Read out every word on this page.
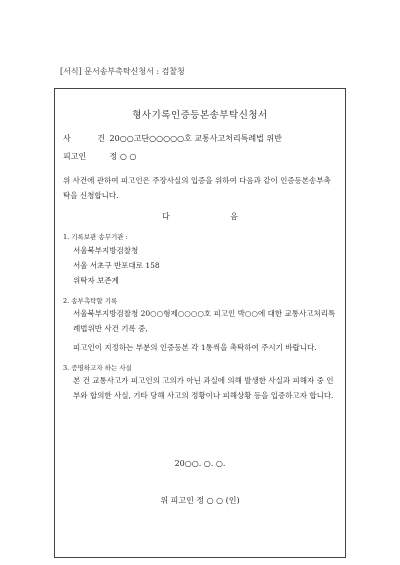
[서식] 문서송부촉탁신청서 : 검찰청
형사기록인증등본송부탁신청서
사 건 20○○고단○○○○○호 교통사고처리특례법 위반
피고인	정 ○ ○
위 사건에 관하여 피고인은 주장사실의 입증을 위하여 다음과 같이 인증등본송부촉탁을 신청합니다.
다 음
1. 기록보관 송무기관 :
서울북부지방검찰청
서울 서초구 반포대로 158
위탁자 보존계
2. 송부촉탁할 기록
서울북부지방검찰청 20○○형제○○○○호 피고인 박○○에 대한 교통사고처리특례법위반 사건 기록 중,
피고인이 지정하는 부분의 인증등본 각 1통씩을 촉탁하여 주시기 바랍니다.
3. 증명하고자 하는 사실
본 건 교통사고가 피고인의 고의가 아닌 과실에 의해 발생한 사실과 피해자 중 인부와 합의한 사실, 기타 당해 사고의 정황이나 피해상황 등을 입증하고자 합니다.
20○○. ○. ○.
위 피고인 정 ○ ○ (인)
